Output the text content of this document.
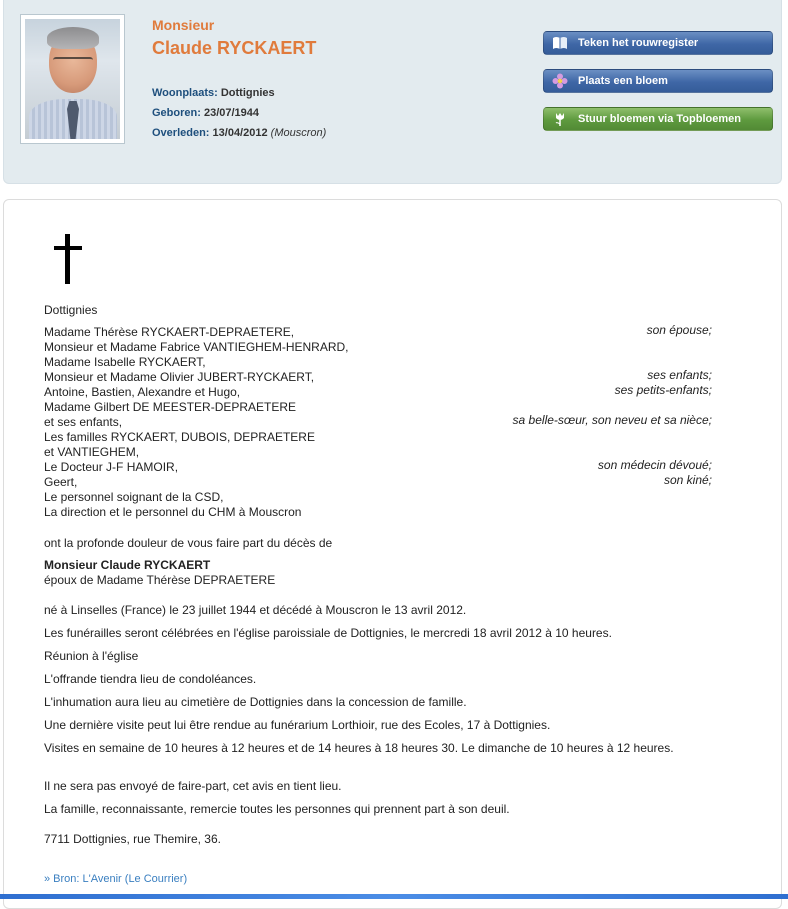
Monsieur
Claude RYCKAERT
Woonplaats: Dottignies
Geboren: 23/07/1944
Overleden: 13/04/2012 (Mouscron)
Teken het rouwregister
Plaats een bloem
Stuur bloemen via Topbloemen
Dottignies
Madame Thérèse RYCKAERT-DEPRAETERE,
Monsieur et Madame Fabrice VANTIEGHEM-HENRARD,
Madame Isabelle RYCKAERT,
Monsieur et Madame Olivier JUBERT-RYCKAERT,
Antoine, Bastien, Alexandre et Hugo,
Madame Gilbert DE MEESTER-DEPRAETERE
et ses enfants,
Les familles RYCKAERT, DUBOIS, DEPRAETERE
et VANTIEGHEM,
Le Docteur J-F HAMOIR,
Geert,
Le personnel soignant de la CSD,
La direction et le personnel du CHM à Mouscron
son épouse;
ses enfants;
ses petits-enfants;
sa belle-sœur, son neveu et sa nièce;
son médecin dévoué;
son kiné;
ont la profonde douleur de vous faire part du décès de
Monsieur Claude RYCKAERT
époux de Madame Thérèse DEPRAETERE
né à Linselles (France) le 23 juillet 1944 et décédé à Mouscron le 13 avril 2012.
Les funérailles seront célébrées en l'église paroissiale de Dottignies, le mercredi 18 avril 2012 à 10 heures.
Réunion à l'église
L'offrande tiendra lieu de condoléances.
L'inhumation aura lieu au cimetière de Dottignies dans la concession de famille.
Une dernière visite peut lui être rendue au funérarium Lorthioir, rue des Ecoles, 17 à Dottignies.
Visites en semaine de 10 heures à 12 heures et de 14 heures à 18 heures 30. Le dimanche de 10 heures à 12 heures.
Il ne sera pas envoyé de faire-part, cet avis en tient lieu.
La famille, reconnaissante, remercie toutes les personnes qui prennent part à son deuil.
7711 Dottignies, rue Themire, 36.
» Bron: L'Avenir (Le Courrier)
